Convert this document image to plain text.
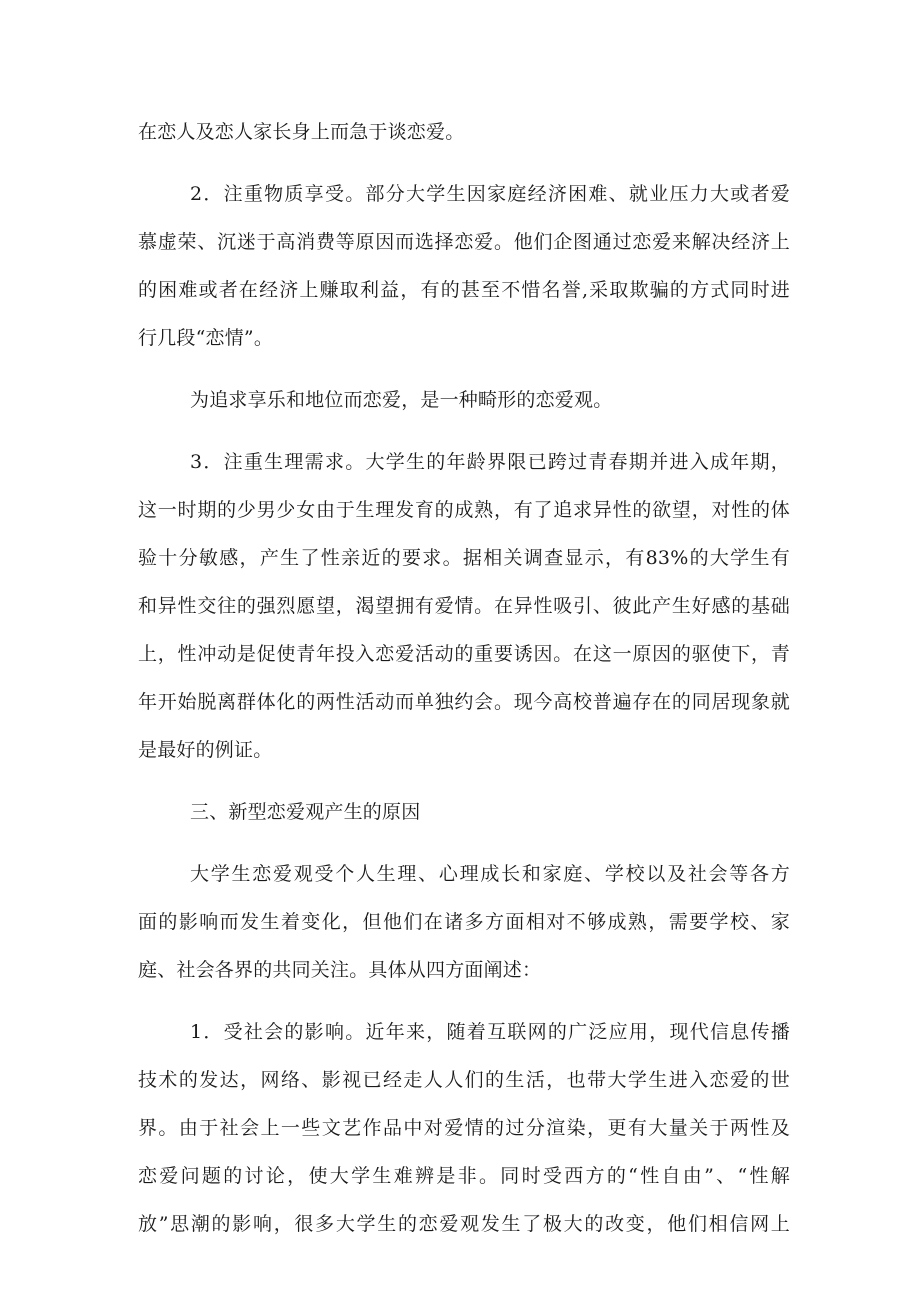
在恋人及恋人家长身上而急于谈恋爱。
2．注重物质享受。部分大学生因家庭经济困难、就业压力大或者爱
慕虚荣、沉迷于高消费等原因而选择恋爱。他们企图通过恋爱来解决经济上
的困难或者在经济上赚取利益，有的甚至不惜名誉,采取欺骗的方式同时进
行几段“恋情”。
为追求享乐和地位而恋爱，是一种畸形的恋爱观。
3．注重生理需求。大学生的年龄界限已跨过青春期并进入成年期，
这一时期的少男少女由于生理发育的成熟，有了追求异性的欲望，对性的体
验十分敏感，产生了性亲近的要求。据相关调查显示，有83%的大学生有
和异性交往的强烈愿望，渴望拥有爱情。在异性吸引、彼此产生好感的基础
上，性冲动是促使青年投入恋爱活动的重要诱因。在这一原因的驱使下，青
年开始脱离群体化的两性活动而单独约会。现今高校普遍存在的同居现象就
是最好的例证。
三、新型恋爱观产生的原因
大学生恋爱观受个人生理、心理成长和家庭、学校以及社会等各方
面的影响而发生着变化，但他们在诸多方面相对不够成熟，需要学校、家
庭、社会各界的共同关注。具体从四方面阐述：
1．受社会的影响。近年来，随着互联网的广泛应用，现代信息传播
技术的发达，网络、影视已经走人人们的生活，也带大学生进入恋爱的世
界。由于社会上一些文艺作品中对爱情的过分渲染，更有大量关于两性及
恋爱问题的讨论，使大学生难辨是非。同时受西方的“性自由”、“性解
放”思潮的影响，很多大学生的恋爱观发生了极大的改变，他们相信网上
